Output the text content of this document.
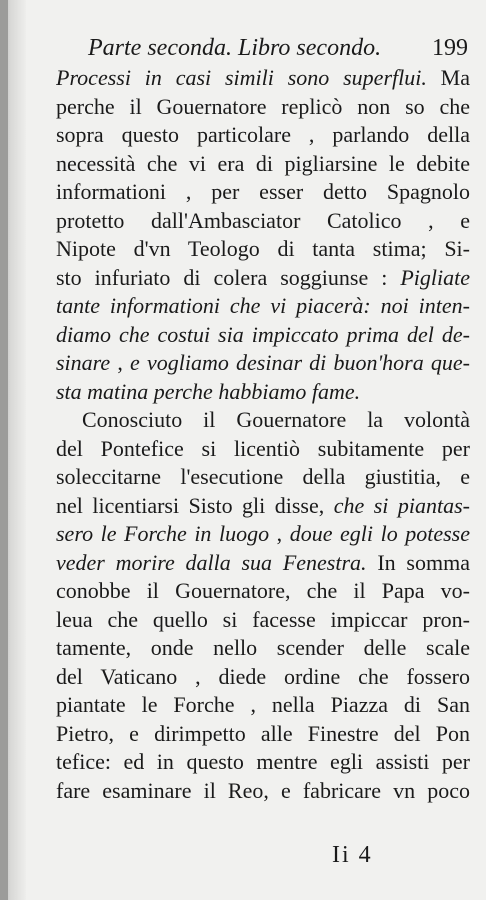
Parte seconda. Libro secondo. 199
Processi in casi simili sono superflui. Ma
perche il Gouernatore replicò non so che
sopra questo particolare , parlando della
necessità che vi era di pigliarsine le debite
informationi , per esser detto Spagnolo
protetto dall'Ambasciator Catolico , e
Nipote d'vn Teologo di tanta stima; Si-
sto infuriato di colera soggiunse : Pigliate
tante informationi che vi piacerà: noi inten-
diamo che costui sia impiccato prima del de-
sinare , e vogliamo desinar di buon'hora que-
sta matina perche habbiamo fame.
Conosciuto il Gouernatore la volontà
del Pontefice si licentiò subitamente per
soleccitarne l'esecutione della giustitia, e
nel licentiarsi Sisto gli disse, che si piantas-
sero le Forche in luogo , doue egli lo potesse
veder morire dalla sua Fenestra. In somma
conobbe il Gouernatore, che il Papa vo-
leua che quello si facesse impiccar pron-
tamente, onde nello scender delle scale
del Vaticano , diede ordine che fossero
piantate le Forche , nella Piazza di San
Pietro, e dirimpetto alle Finestre del Pon
tefice: ed in questo mentre egli assisti per
fare esaminare il Reo, e fabricare vn poco
Ii 4
